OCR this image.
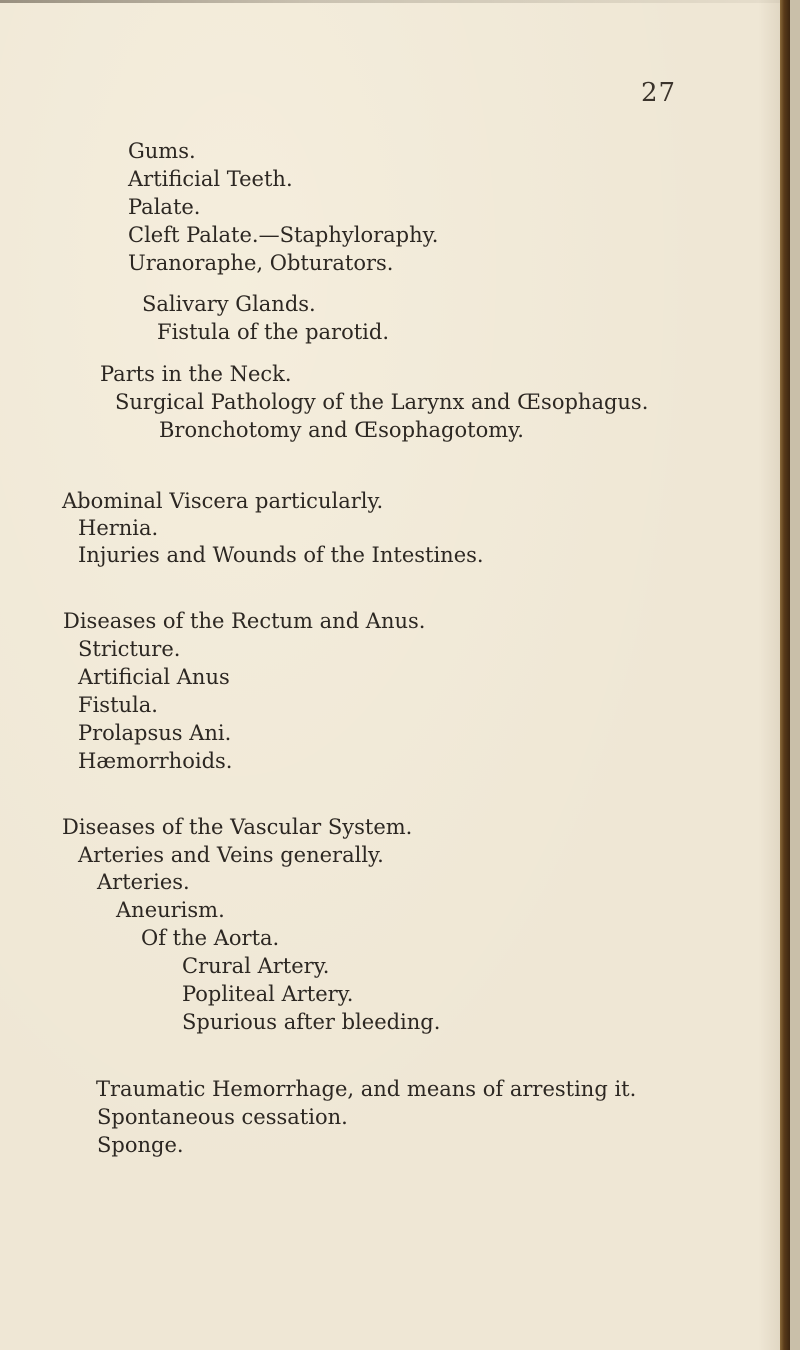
27
Gums.
Artificial Teeth.
Palate.
Cleft Palate.—Staphyloraphy.
Uranoraphe, Obturators.
Salivary Glands.
Fistula of the parotid.
Parts in the Neck.
Surgical Pathology of the Larynx and Œsophagus.
Bronchotomy and Œsophagotomy.
Abominal Viscera particularly.
Hernia.
Injuries and Wounds of the Intestines.
Diseases of the Rectum and Anus.
Stricture.
Artificial Anus
Fistula.
Prolapsus Ani.
Hæmorrhoids.
Diseases of the Vascular System.
Arteries and Veins generally.
Arteries.
Aneurism.
Of the Aorta.
Crural Artery.
Popliteal Artery.
Spurious after bleeding.
Traumatic Hemorrhage, and means of arresting it.
Spontaneous cessation.
Sponge.
